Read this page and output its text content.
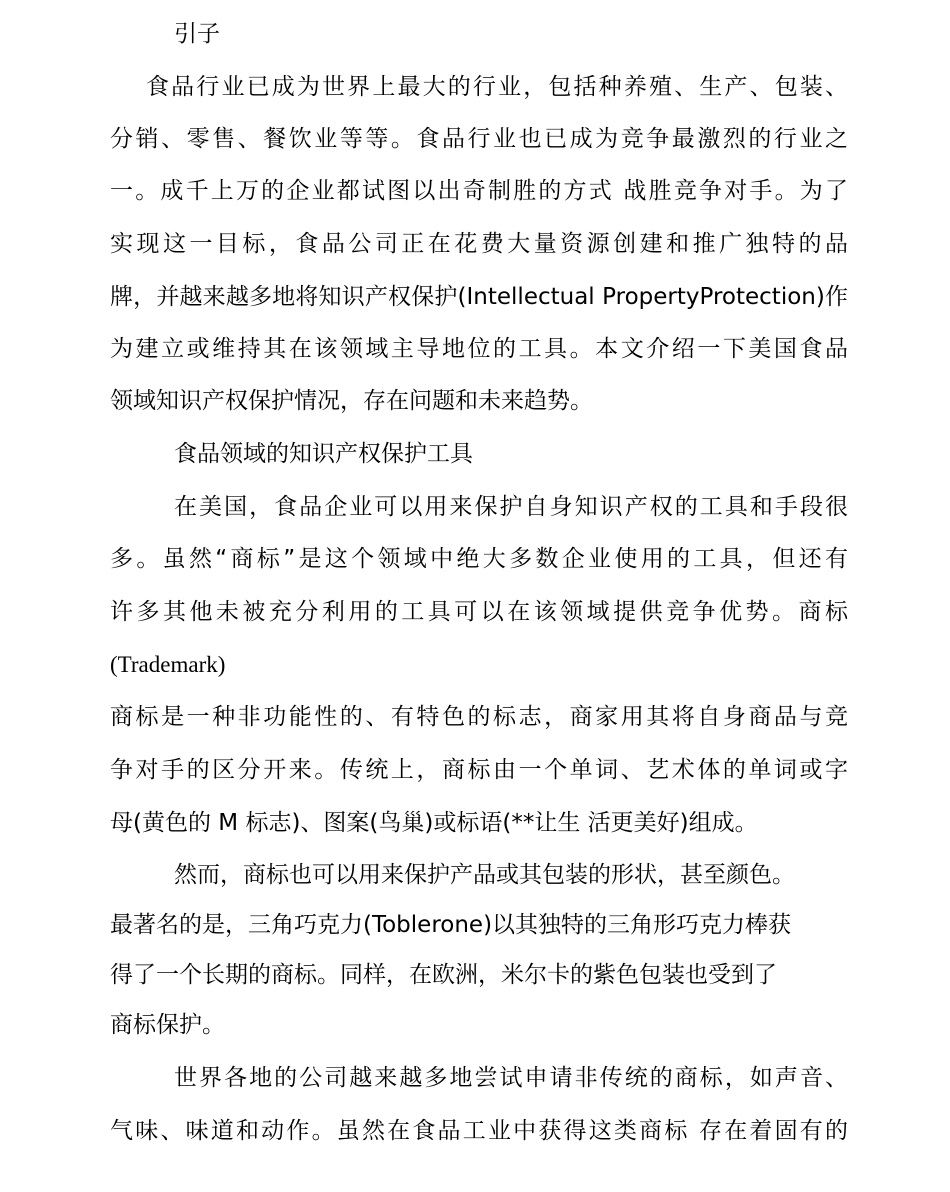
引子
食品行业已成为世界上最大的行业，包括种养殖、生产、包装、
分销、零售、餐饮业等等。食品行业也已成为竞争最激烈的行业之
一。成千上万的企业都试图以出奇制胜的方式 战胜竞争对手。为了
实现这一目标，食品公司正在花费大量资源创建和推广独特的品
牌，并越来越多地将知识产权保护(Intellectual PropertyProtection)作
为建立或维持其在该领域主导地位的工具。本文介绍一下美国食品
领域知识产权保护情况，存在问题和未来趋势。
食品领域的知识产权保护工具
在美国，食品企业可以用来保护自身知识产权的工具和手段很
多。虽然“商标”是这个领域中绝大多数企业使用的工具，但还有
许多其他未被充分利用的工具可以在该领域提供竞争优势。商标
(Trademark)
商标是一种非功能性的、有特色的标志，商家用其将自身商品与竞
争对手的区分开来。传统上，商标由一个单词、艺术体的单词或字
母(黄色的 M 标志)、图案(鸟巢)或标语(**让生 活更美好)组成。
然而，商标也可以用来保护产品或其包装的形状，甚至颜色。
最著名的是，三角巧克力(Toblerone)以其独特的三角形巧克力棒获
得了一个长期的商标。同样，在欧洲，米尔卡的紫色包装也受到了
商标保护。
世界各地的公司越来越多地尝试申请非传统的商标，如声音、
气味、味道和动作。虽然在食品工业中获得这类商标 存在着固有的
